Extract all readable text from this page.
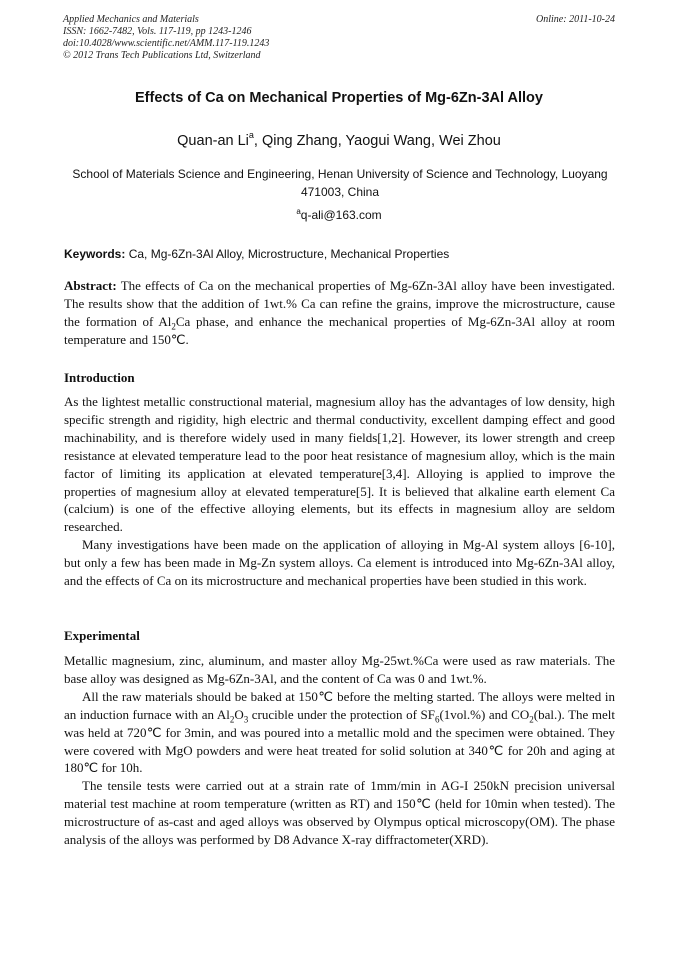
Applied Mechanics and Materials
ISSN: 1662-7482, Vols. 117-119, pp 1243-1246
doi:10.4028/www.scientific.net/AMM.117-119.1243
© 2012 Trans Tech Publications Ltd, Switzerland
Online: 2011-10-24
Effects of Ca on Mechanical Properties of Mg-6Zn-3Al Alloy
Quan-an Li$^a$, Qing Zhang, Yaogui Wang, Wei Zhou
School of Materials Science and Engineering, Henan University of Science and Technology, Luoyang 471003, China
$^a$q-ali@163.com
Keywords: Ca, Mg-6Zn-3Al Alloy, Microstructure, Mechanical Properties

Abstract: The effects of Ca on the mechanical properties of Mg-6Zn-3Al alloy have been investigated. The results show that the addition of 1wt.% Ca can refine the grains, improve the microstructure, cause the formation of $Al_2Ca$ phase, and enhance the mechanical properties of Mg-6Zn-3Al alloy at room temperature and 150℃.

Introduction

As the lightest metallic constructional material, magnesium alloy has the advantages of low density, high specific strength and rigidity, high electric and thermal conductivity, excellent damping effect and good machinability, and is therefore widely used in many fields[1,2]. However, its lower strength and creep resistance at elevated temperature lead to the poor heat resistance of magnesium alloy, which is the main factor of limiting its application at elevated temperature[3,4]. Alloying is applied to improve the properties of magnesium alloy at elevated temperature[5]. It is believed that alkaline earth element Ca (calcium) is one of the effective alloying elements, but its effects in magnesium alloy are seldom researched.

Many investigations have been made on the application of alloying in Mg-Al system alloys [6-10], but only a few has been made in Mg-Zn system alloys. Ca element is introduced into Mg-6Zn-3Al alloy, and the effects of Ca on its microstructure and mechanical properties have been studied in this work.

Experimental

Metallic magnesium, zinc, aluminum, and master alloy Mg-25wt.%Ca were used as raw materials. The base alloy was designed as Mg-6Zn-3Al, and the content of Ca was 0 and 1wt.%.

All the raw materials should be baked at 150℃ before the melting started. The alloys were melted in an induction furnace with an $Al_2O_3$ crucible under the protection of $SF_6(1vol.\%)$ and $CO_2(bal.)$. The melt was held at 720℃ for 3min, and was poured into a metallic mold and the specimen were obtained. They were covered with MgO powders and were heat treated for solid solution at 340℃ for 20h and aging at 180℃ for 10h.

The tensile tests were carried out at a strain rate of 1mm/min in AG-I 250kN precision universal material test machine at room temperature (written as RT) and 150℃ (held for 10min when tested). The microstructure of as-cast and aged alloys was observed by Olympus optical microscopy(OM). The phase analysis of the alloys was performed by D8 Advance X-ray diffractometer(XRD).
